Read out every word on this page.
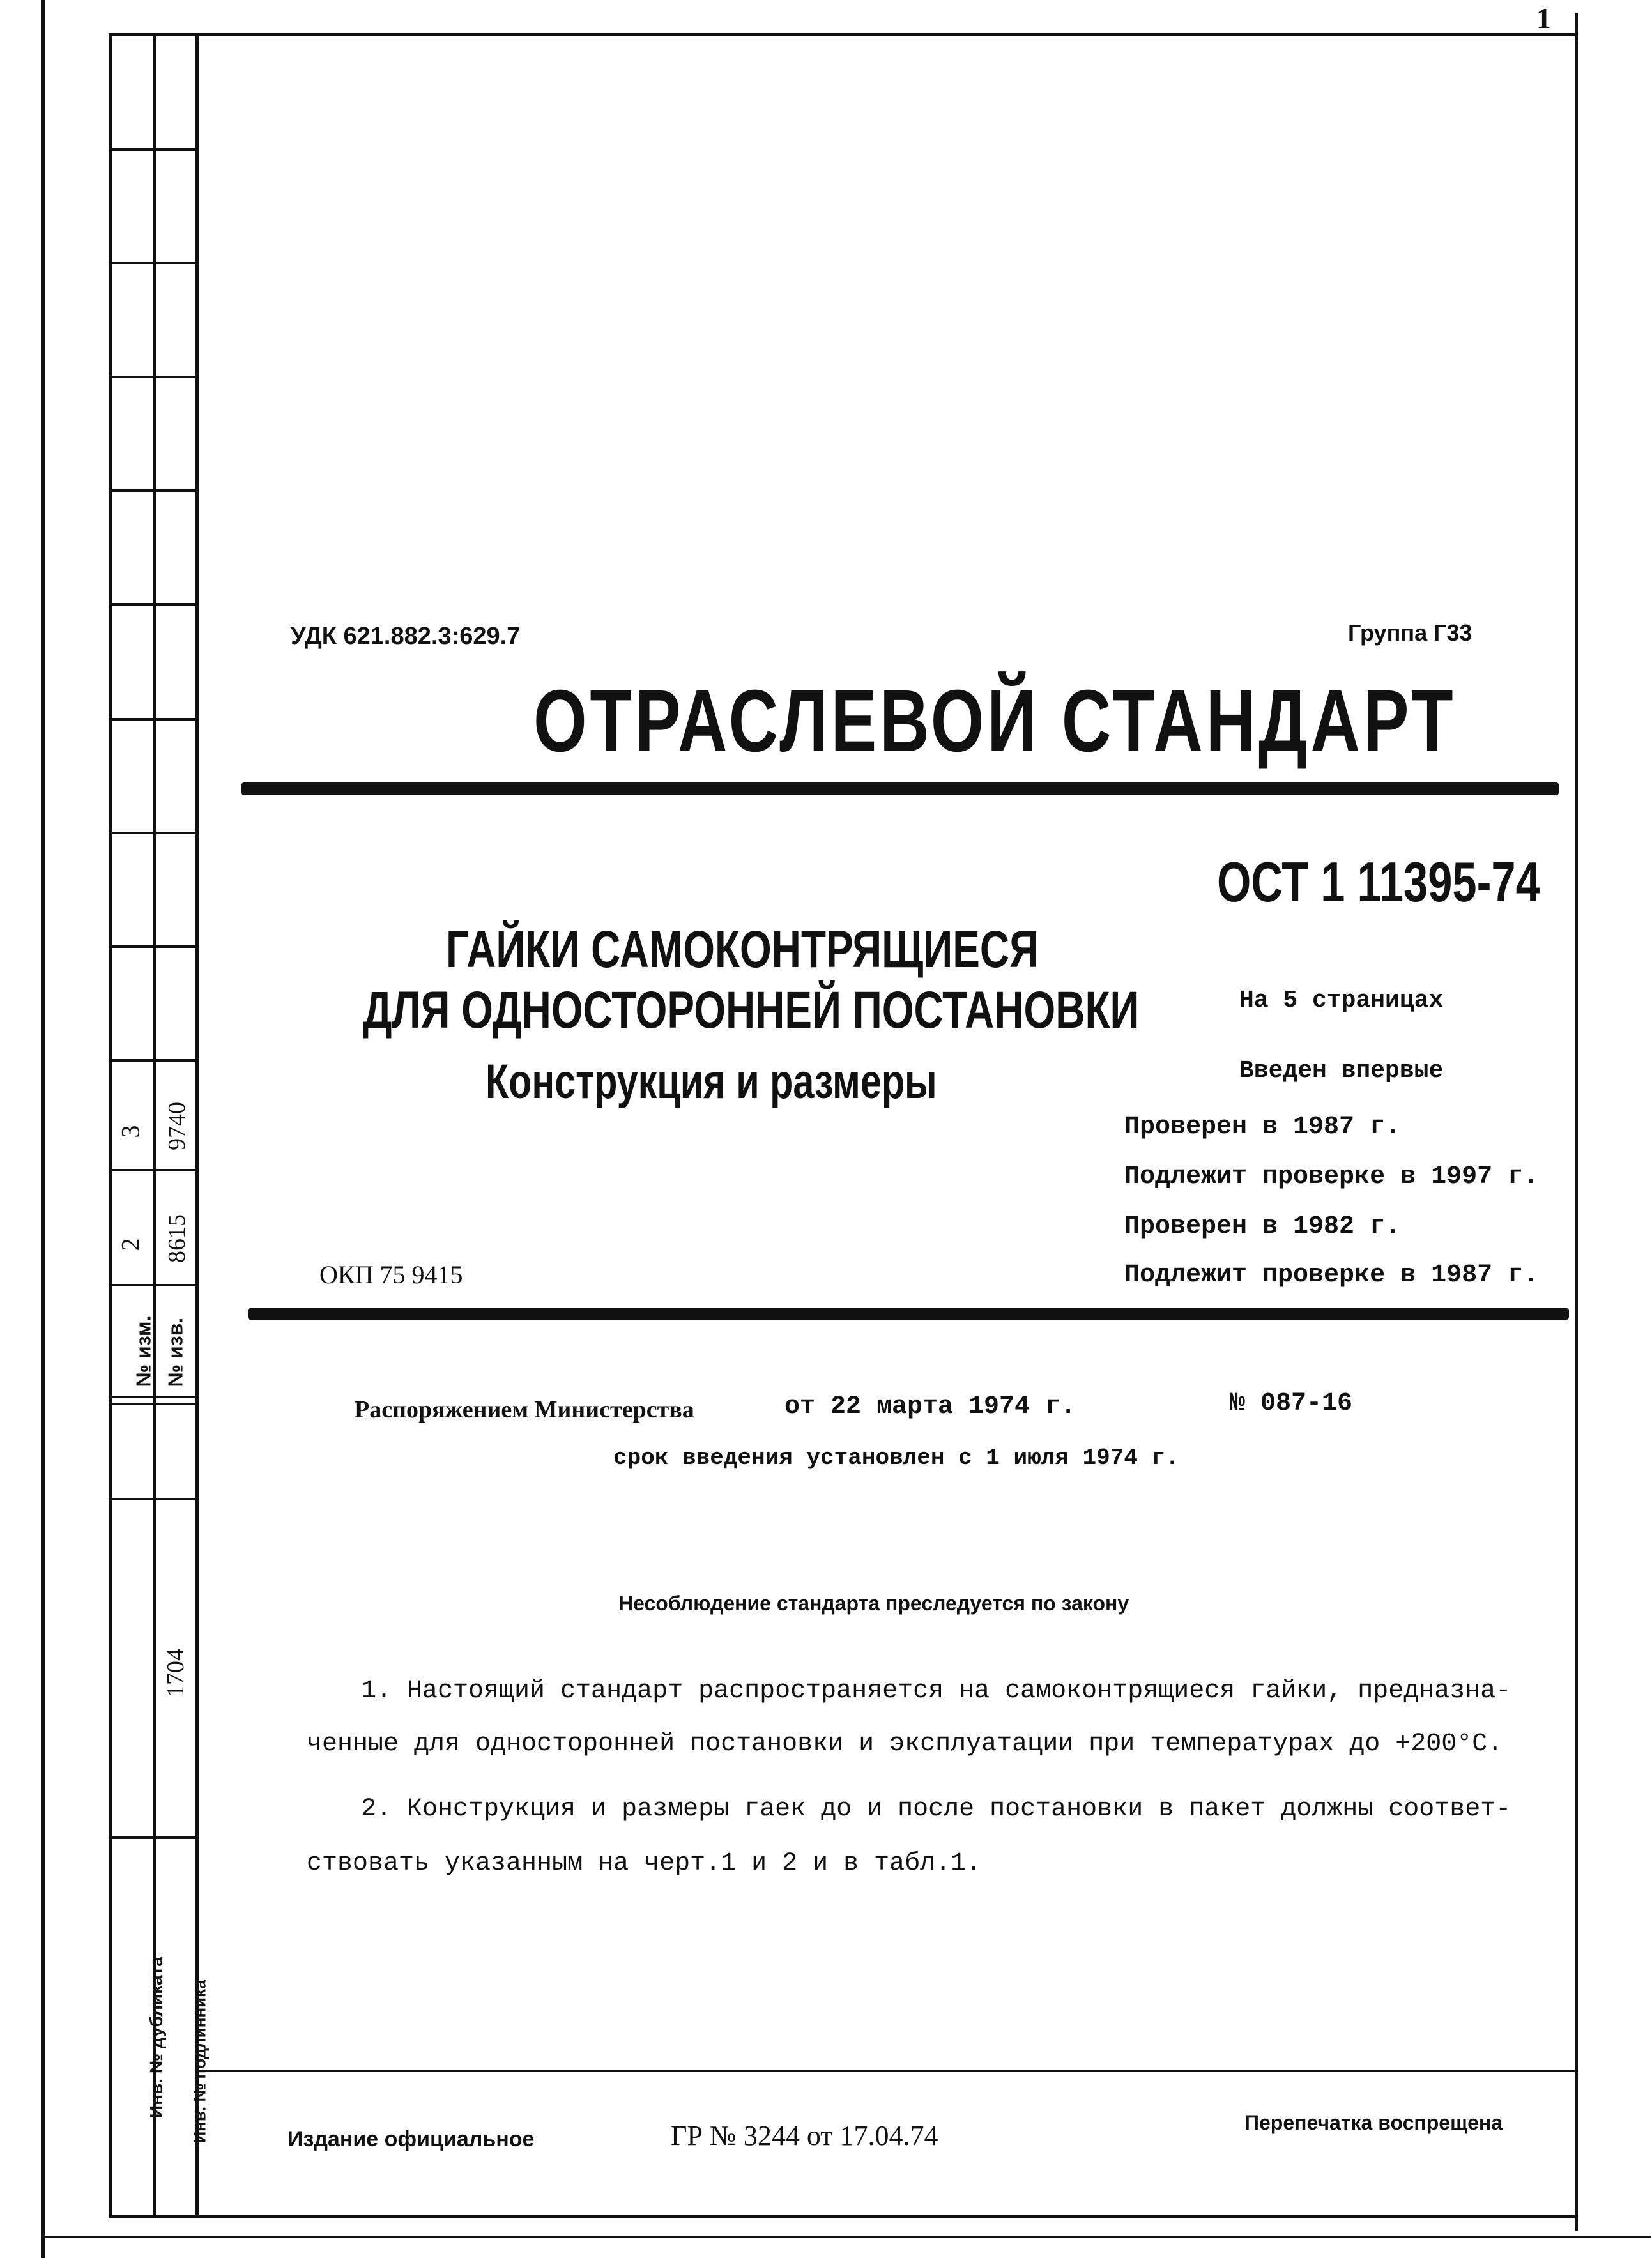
1
2
3
8615
9740
№ изм. № изв.
1704
Инв. № дубликата Инв. № подлинника
УДК 621.882.3:629.7	Группа Г33
ОТРАСЛЕВОЙ СТАНДАРТ
ОСТ 1 11395-74
ГАЙКИ САМОКОНТРЯЩИЕСЯ
ДЛЯ ОДНОСТОРОННЕЙ ПОСТАНОВКИ
Конструкция и размеры
На 5 страницах
Введен впервые
Проверен в 1987 г.
Подлежит проверке в 1997 г.
Проверен в 1982 г.
Подлежит проверке в 1987 г.
ОКП 75 9415
Распоряжением Министерства	от 22 марта 1974 г.	№ 087-16
срок введения установлен с 1 июля 1974 г.
Несоблюдение стандарта преследуется по закону
1. Настоящий стандарт распространяется на самоконтрящиеся гайки, предназна-
ченные для односторонней постановки и эксплуатации при температурах до +200°С.
2. Конструкция и размеры гаек до и после постановки в пакет должны соответ-
ствовать указанным на черт.1 и 2 и в табл.1.
Издание официальное	ГР № 3244 от 17.04.74	Перепечатка воспрещена
